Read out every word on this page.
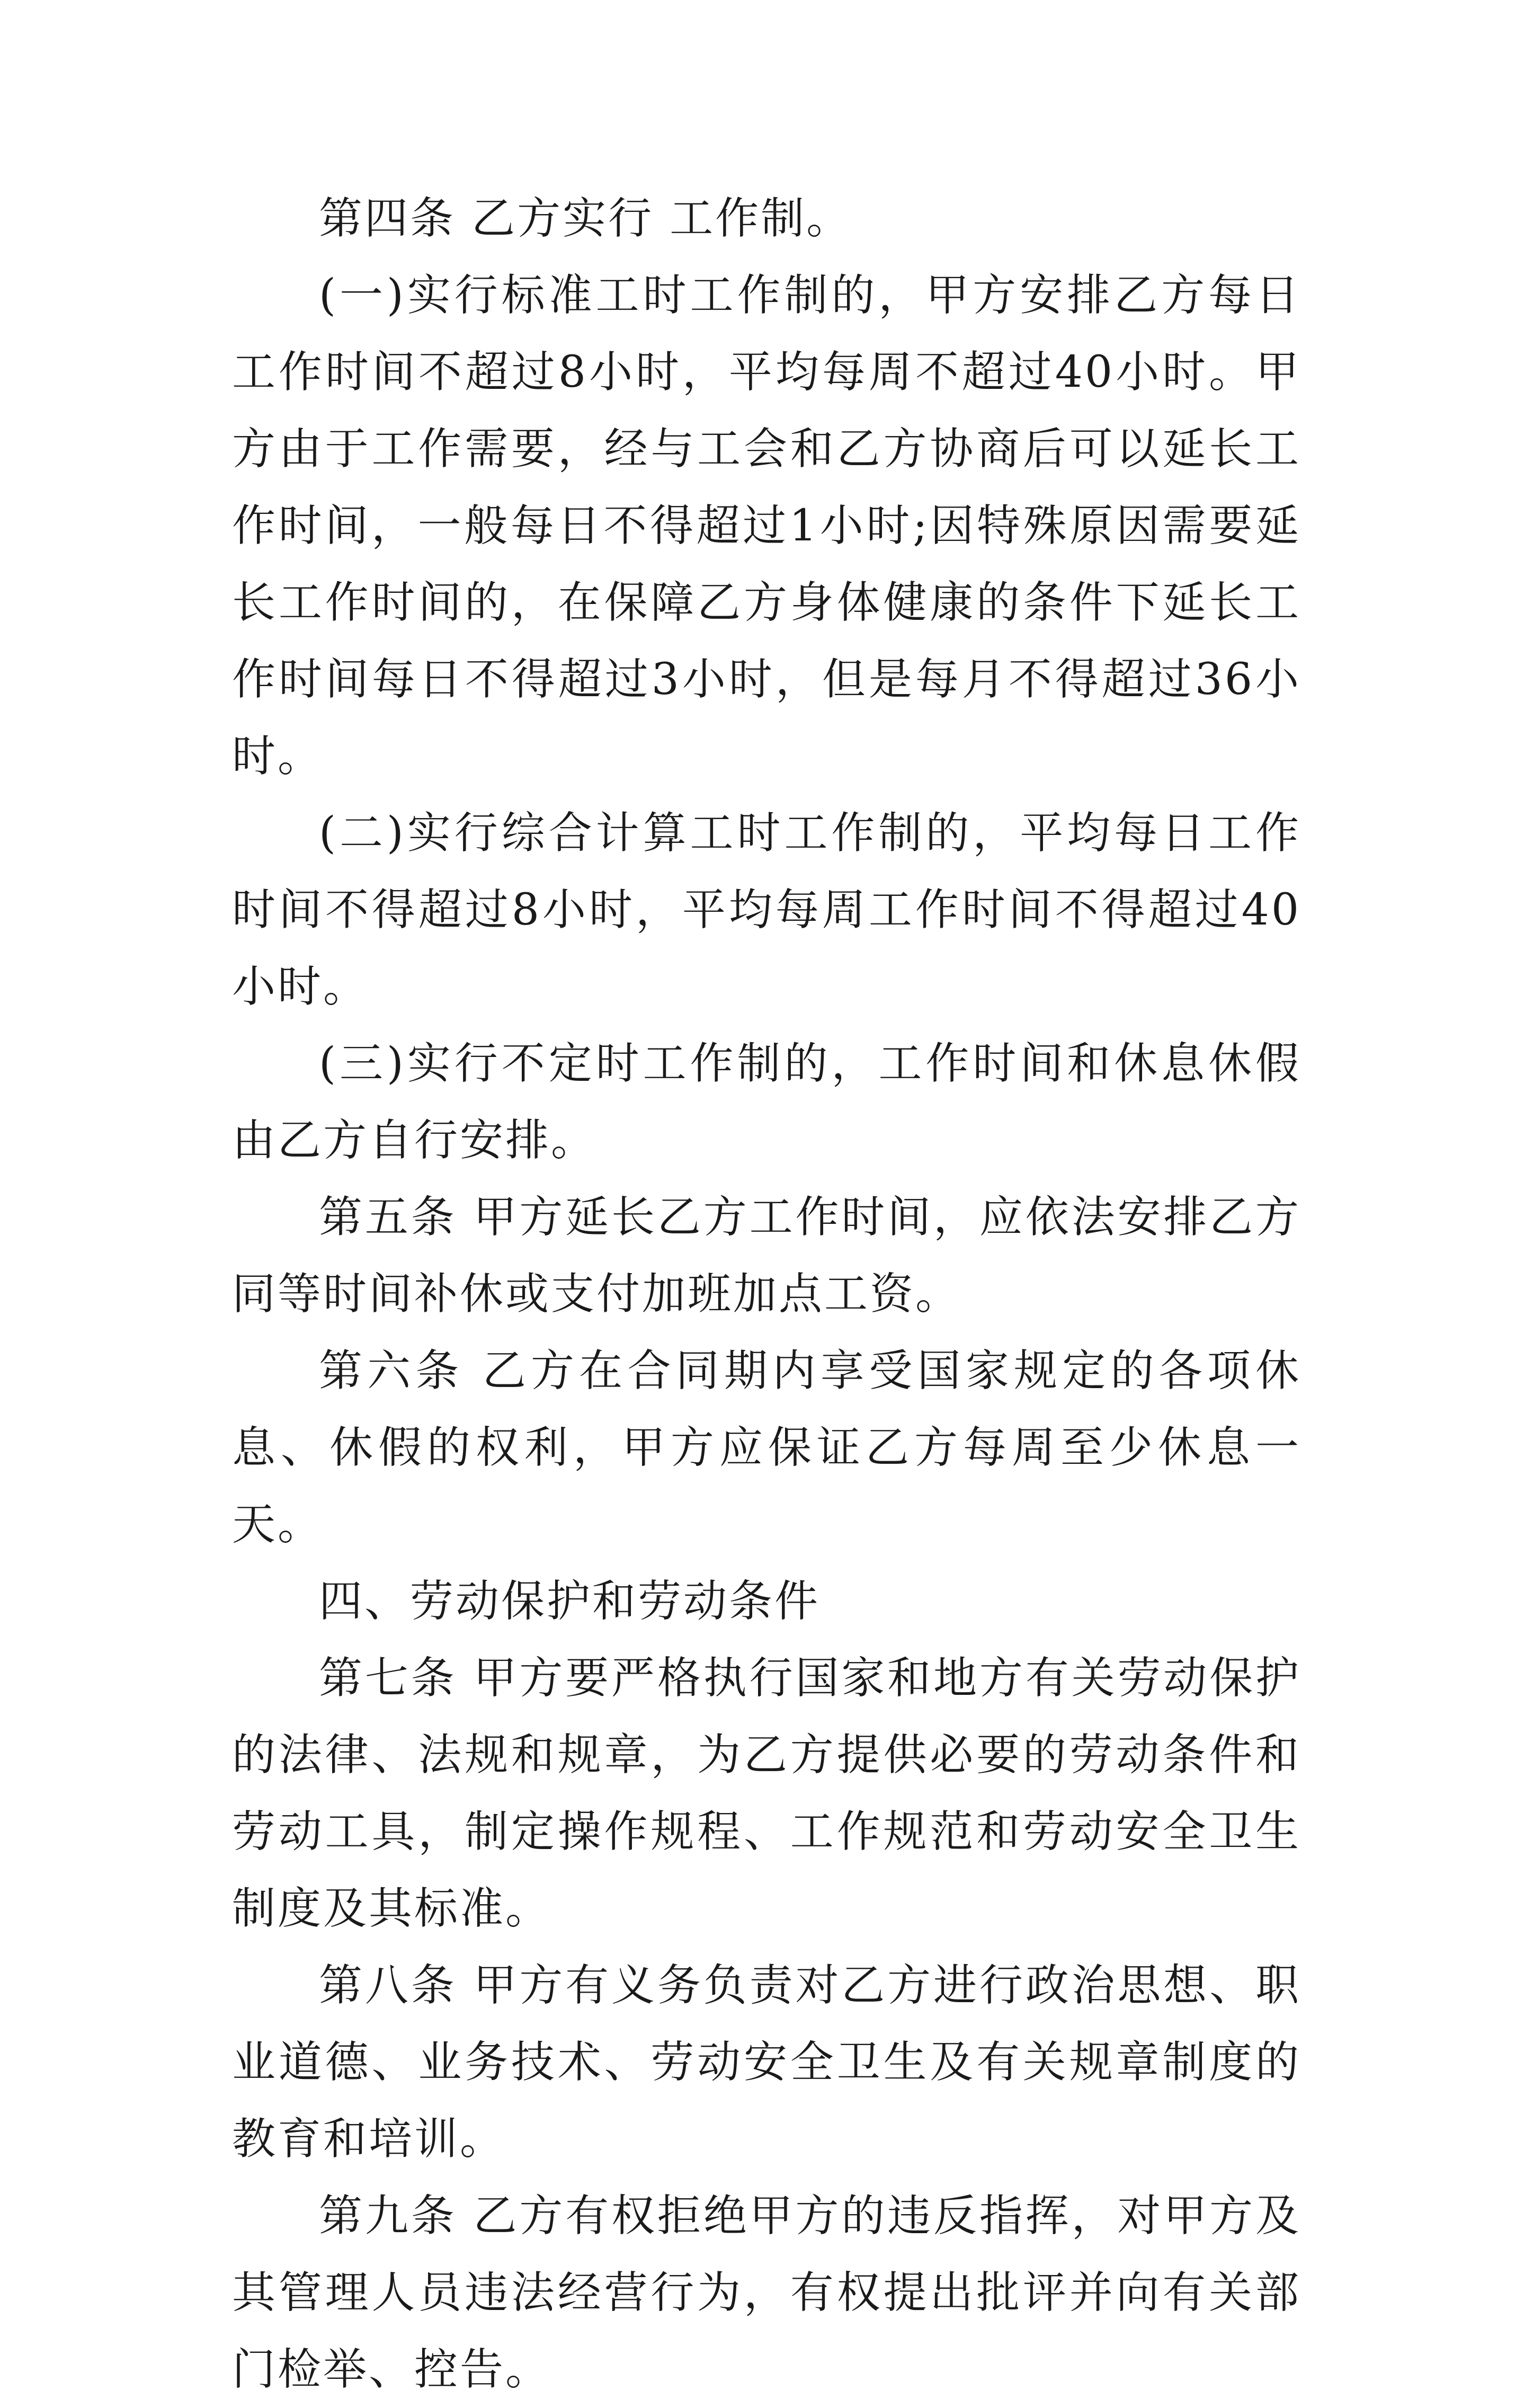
第四条 乙方实行 工作制。

(一)实行标准工时工作制的，甲方安排乙方每日工作时间不超过8小时，平均每周不超过40小时。甲方由于工作需要，经与工会和乙方协商后可以延长工作时间，一般每日不得超过1小时;因特殊原因需要延长工作时间的，在保障乙方身体健康的条件下延长工作时间每日不得超过3小时，但是每月不得超过36小时。

(二)实行综合计算工时工作制的，平均每日工作时间不得超过8小时，平均每周工作时间不得超过40小时。

(三)实行不定时工作制的，工作时间和休息休假由乙方自行安排。

第五条 甲方延长乙方工作时间，应依法安排乙方同等时间补休或支付加班加点工资。

第六条 乙方在合同期内享受国家规定的各项休息、休假的权利，甲方应保证乙方每周至少休息一天。

四、劳动保护和劳动条件

第七条 甲方要严格执行国家和地方有关劳动保护的法律、法规和规章，为乙方提供必要的劳动条件和劳动工具，制定操作规程、工作规范和劳动安全卫生制度及其标准。

第八条 甲方有义务负责对乙方进行政治思想、职业道德、业务技术、劳动安全卫生及有关规章制度的教育和培训。

第九条 乙方有权拒绝甲方的违反指挥，对甲方及其管理人员违法经营行为，有权提出批评并向有关部门检举、控告。
